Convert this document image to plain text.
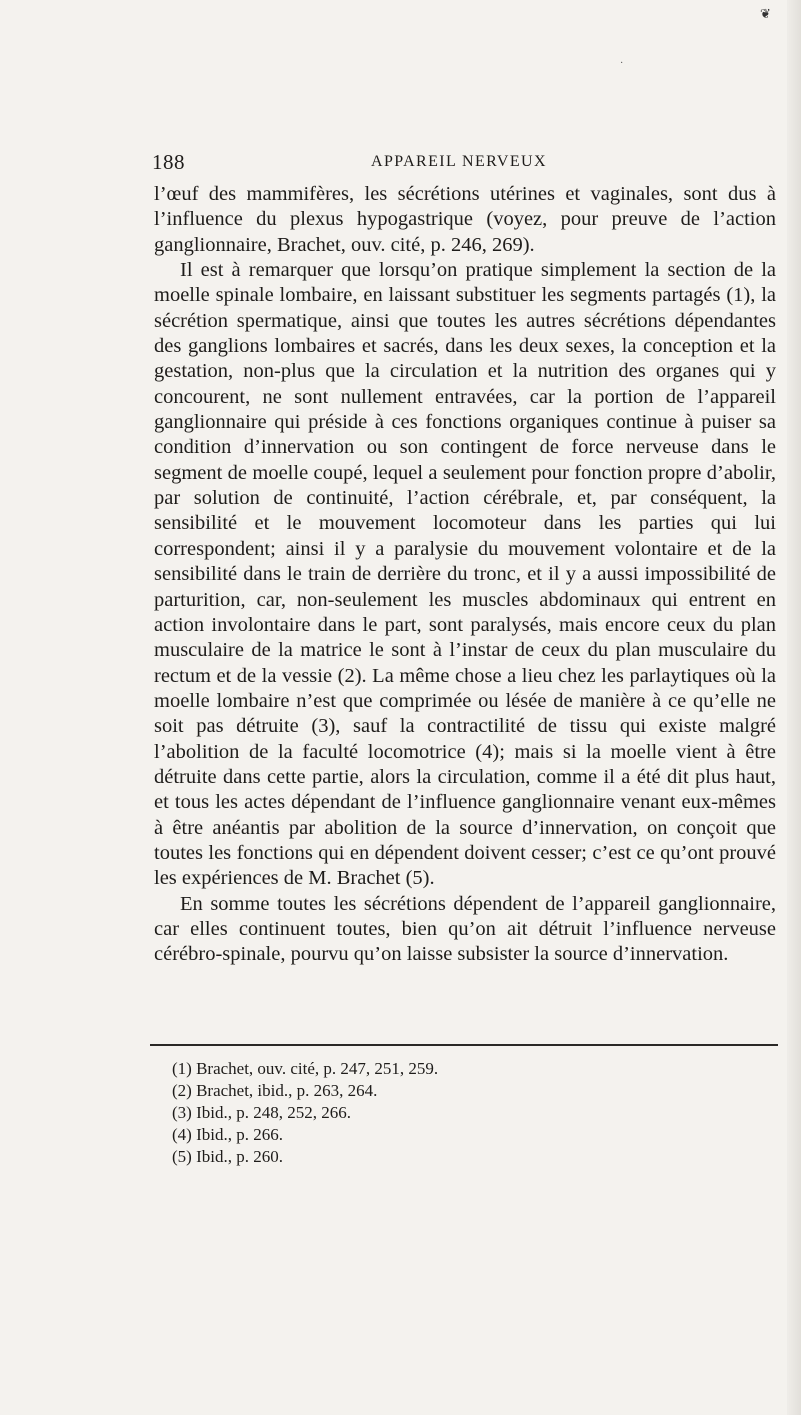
❦
·
188	APPAREIL NERVEUX

l’œuf des mammifères, les sécrétions utérines et vaginales, sont dus à l’influence du plexus hypogastrique (voyez, pour preuve de l’action ganglionnaire, Brachet, ouv. cité, p. 246, 269).

Il est à remarquer que lorsqu’on pratique simplement la section de la moelle spinale lombaire, en laissant substituer les segments partagés (1), la sécrétion spermatique, ainsi que toutes les autres sécrétions dépendantes des ganglions lombaires et sacrés, dans les deux sexes, la conception et la gestation, non-plus que la circulation et la nutrition des organes qui y concourent, ne sont nullement entravées, car la portion de l’appareil ganglionnaire qui préside à ces fonctions organiques continue à puiser sa condition d’innervation ou son contingent de force nerveuse dans le segment de moelle coupé, lequel a seulement pour fonction propre d’abolir, par solution de continuité, l’action cérébrale, et, par conséquent, la sensibilité et le mouvement locomoteur dans les parties qui lui correspondent; ainsi il y a paralysie du mouvement volontaire et de la sensibilité dans le train de derrière du tronc, et il y a aussi impossibilité de parturition, car, non-seulement les muscles abdominaux qui entrent en action involontaire dans le part, sont paralysés, mais encore ceux du plan musculaire de la matrice le sont à l’instar de ceux du plan musculaire du rectum et de la vessie (2). La même chose a lieu chez les parlaytiques où la moelle lombaire n’est que comprimée ou lésée de manière à ce qu’elle ne soit pas détruite (3), sauf la contractilité de tissu qui existe malgré l’abolition de la faculté locomotrice (4); mais si la moelle vient à être détruite dans cette partie, alors la circulation, comme il a été dit plus haut, et tous les actes dépendant de l’influence ganglionnaire venant eux-mêmes à être anéantis par abolition de la source d’innervation, on conçoit que toutes les fonctions qui en dépendent doivent cesser; c’est ce qu’ont prouvé les expériences de M. Brachet (5).

En somme toutes les sécrétions dépendent de l’appareil ganglionnaire, car elles continuent toutes, bien qu’on ait détruit l’influence nerveuse cérébro-spinale, pourvu qu’on laisse subsister la source d’innervation.

(1) Brachet, ouv. cité, p. 247, 251, 259.
(2) Brachet, ibid., p. 263, 264.
(3) Ibid., p. 248, 252, 266.
(4) Ibid., p. 266.
(5) Ibid., p. 260.
